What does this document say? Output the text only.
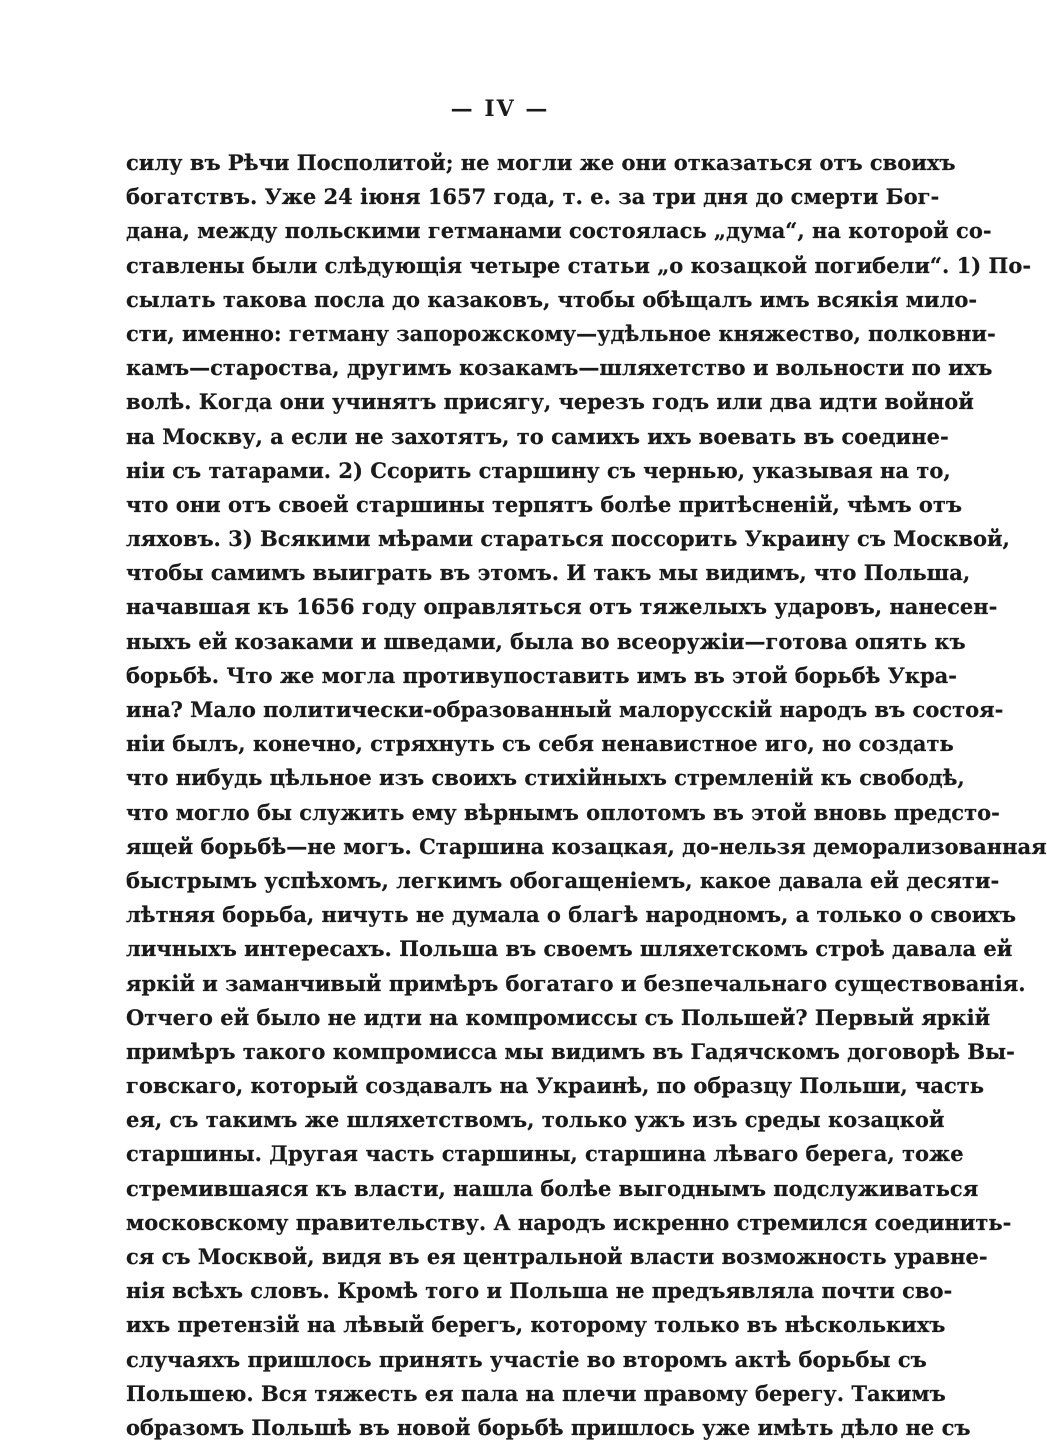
— IV —
силу въ Рѣчи Посполитой; не могли же они отказаться отъ своихъ
богатствъ. Уже 24 іюня 1657 года, т. е. за три дня до смерти Бог-
дана, между польскими гетманами состоялась „дума“, на которой со-
ставлены были слѣдующія четыре статьи „о козацкой погибели“. 1) По-
сылать такова посла до казаковъ, чтобы обѣщалъ имъ всякія мило-
сти, именно: гетману запорожскому—удѣльное княжество, полковни-
камъ—староства, другимъ козакамъ—шляхетство и вольности по ихъ
волѣ. Когда они учинятъ присягу, черезъ годъ или два идти войной
на Москву, а если не захотятъ, то самихъ ихъ воевать въ соедине-
ніи съ татарами. 2) Ссорить старшину съ чернью, указывая на то,
что они отъ своей старшины терпятъ болѣе притѣсненій, чѣмъ отъ
ляховъ. 3) Всякими мѣрами стараться поссорить Украину съ Москвой,
чтобы самимъ выиграть въ этомъ. И такъ мы видимъ, что Польша,
начавшая къ 1656 году оправляться отъ тяжелыхъ ударовъ, нанесен-
ныхъ ей козаками и шведами, была во всеоружіи—готова опять къ
борьбѣ. Что же могла противупоставить имъ въ этой борьбѣ Укра-
ина? Мало политически-образованный малорусскій народъ въ состоя-
ніи былъ, конечно, стряхнуть съ себя ненавистное иго, но создать
что нибудь цѣльное изъ своихъ стихійныхъ стремленій къ свободѣ,
что могло бы служить ему вѣрнымъ оплотомъ въ этой вновь предсто-
ящей борьбѣ—не могъ. Старшина козацкая, до-нельзя деморализованная
быстрымъ успѣхомъ, легкимъ обогащеніемъ, какое давала ей десяти-
лѣтняя борьба, ничуть не думала о благѣ народномъ, а только о своихъ
личныхъ интересахъ. Польша въ своемъ шляхетскомъ строѣ давала ей
яркій и заманчивый примѣръ богатаго и безпечальнаго существованія.
Отчего ей было не идти на компромиссы съ Польшей? Первый яркій
примѣръ такого компромисса мы видимъ въ Гадячскомъ договорѣ Вы-
говскаго, который создавалъ на Украинѣ, по образцу Польши, часть
ея, съ такимъ же шляхетствомъ, только ужъ изъ среды козацкой
старшины. Другая часть старшины, старшина лѣваго берега, тоже
стремившаяся къ власти, нашла болѣе выгоднымъ подслуживаться
московскому правительству. А народъ искренно стремился соединить-
ся съ Москвой, видя въ ея центральной власти возможность уравне-
нія всѣхъ словъ. Кромѣ того и Польша не предъявляла почти сво-
ихъ претензій на лѣвый берегъ, которому только въ нѣсколькихъ
случаяхъ пришлось принять участіе во второмъ актѣ борьбы съ
Польшею. Вся тяжесть ея пала на плечи правому берегу. Такимъ
образомъ Польшѣ въ новой борьбѣ пришлось уже имѣть дѣло не съ
